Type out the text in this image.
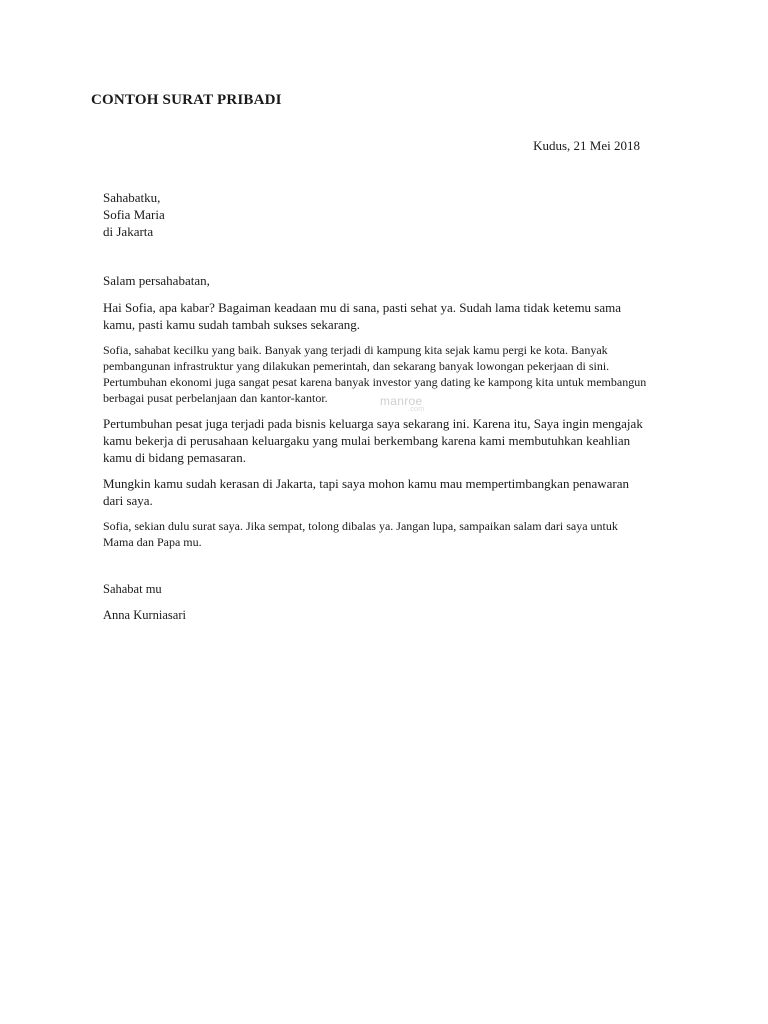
CONTOH SURAT PRIBADI
Kudus, 21 Mei 2018
Sahabatku,
Sofia Maria
di Jakarta

Salam persahabatan,

Hai Sofia, apa kabar? Bagaiman keadaan mu di sana, pasti sehat ya. Sudah lama tidak ketemu sama kamu, pasti kamu sudah tambah sukses sekarang.

Sofia, sahabat kecilku yang baik. Banyak yang terjadi di kampung kita sejak kamu pergi ke kota. Banyak pembangunan infrastruktur yang dilakukan pemerintah, dan sekarang banyak lowongan pekerjaan di sini. Pertumbuhan ekonomi juga sangat pesat karena banyak investor yang dating ke kampong kita untuk membangun berbagai pusat perbelanjaan dan kantor-kantor.

Pertumbuhan pesat juga terjadi pada bisnis keluarga saya sekarang ini. Karena itu, Saya ingin mengajak kamu bekerja di perusahaan keluargaku yang mulai berkembang karena kami membutuhkan keahlian kamu di bidang pemasaran.

Mungkin kamu sudah kerasan di Jakarta, tapi saya mohon kamu mau mempertimbangkan penawaran dari saya.

Sofia, sekian dulu surat saya. Jika sempat, tolong dibalas ya. Jangan lupa, sampaikan salam dari saya untuk Mama dan Papa mu.

Sahabat mu
Anna Kurniasari
manroe
.com
